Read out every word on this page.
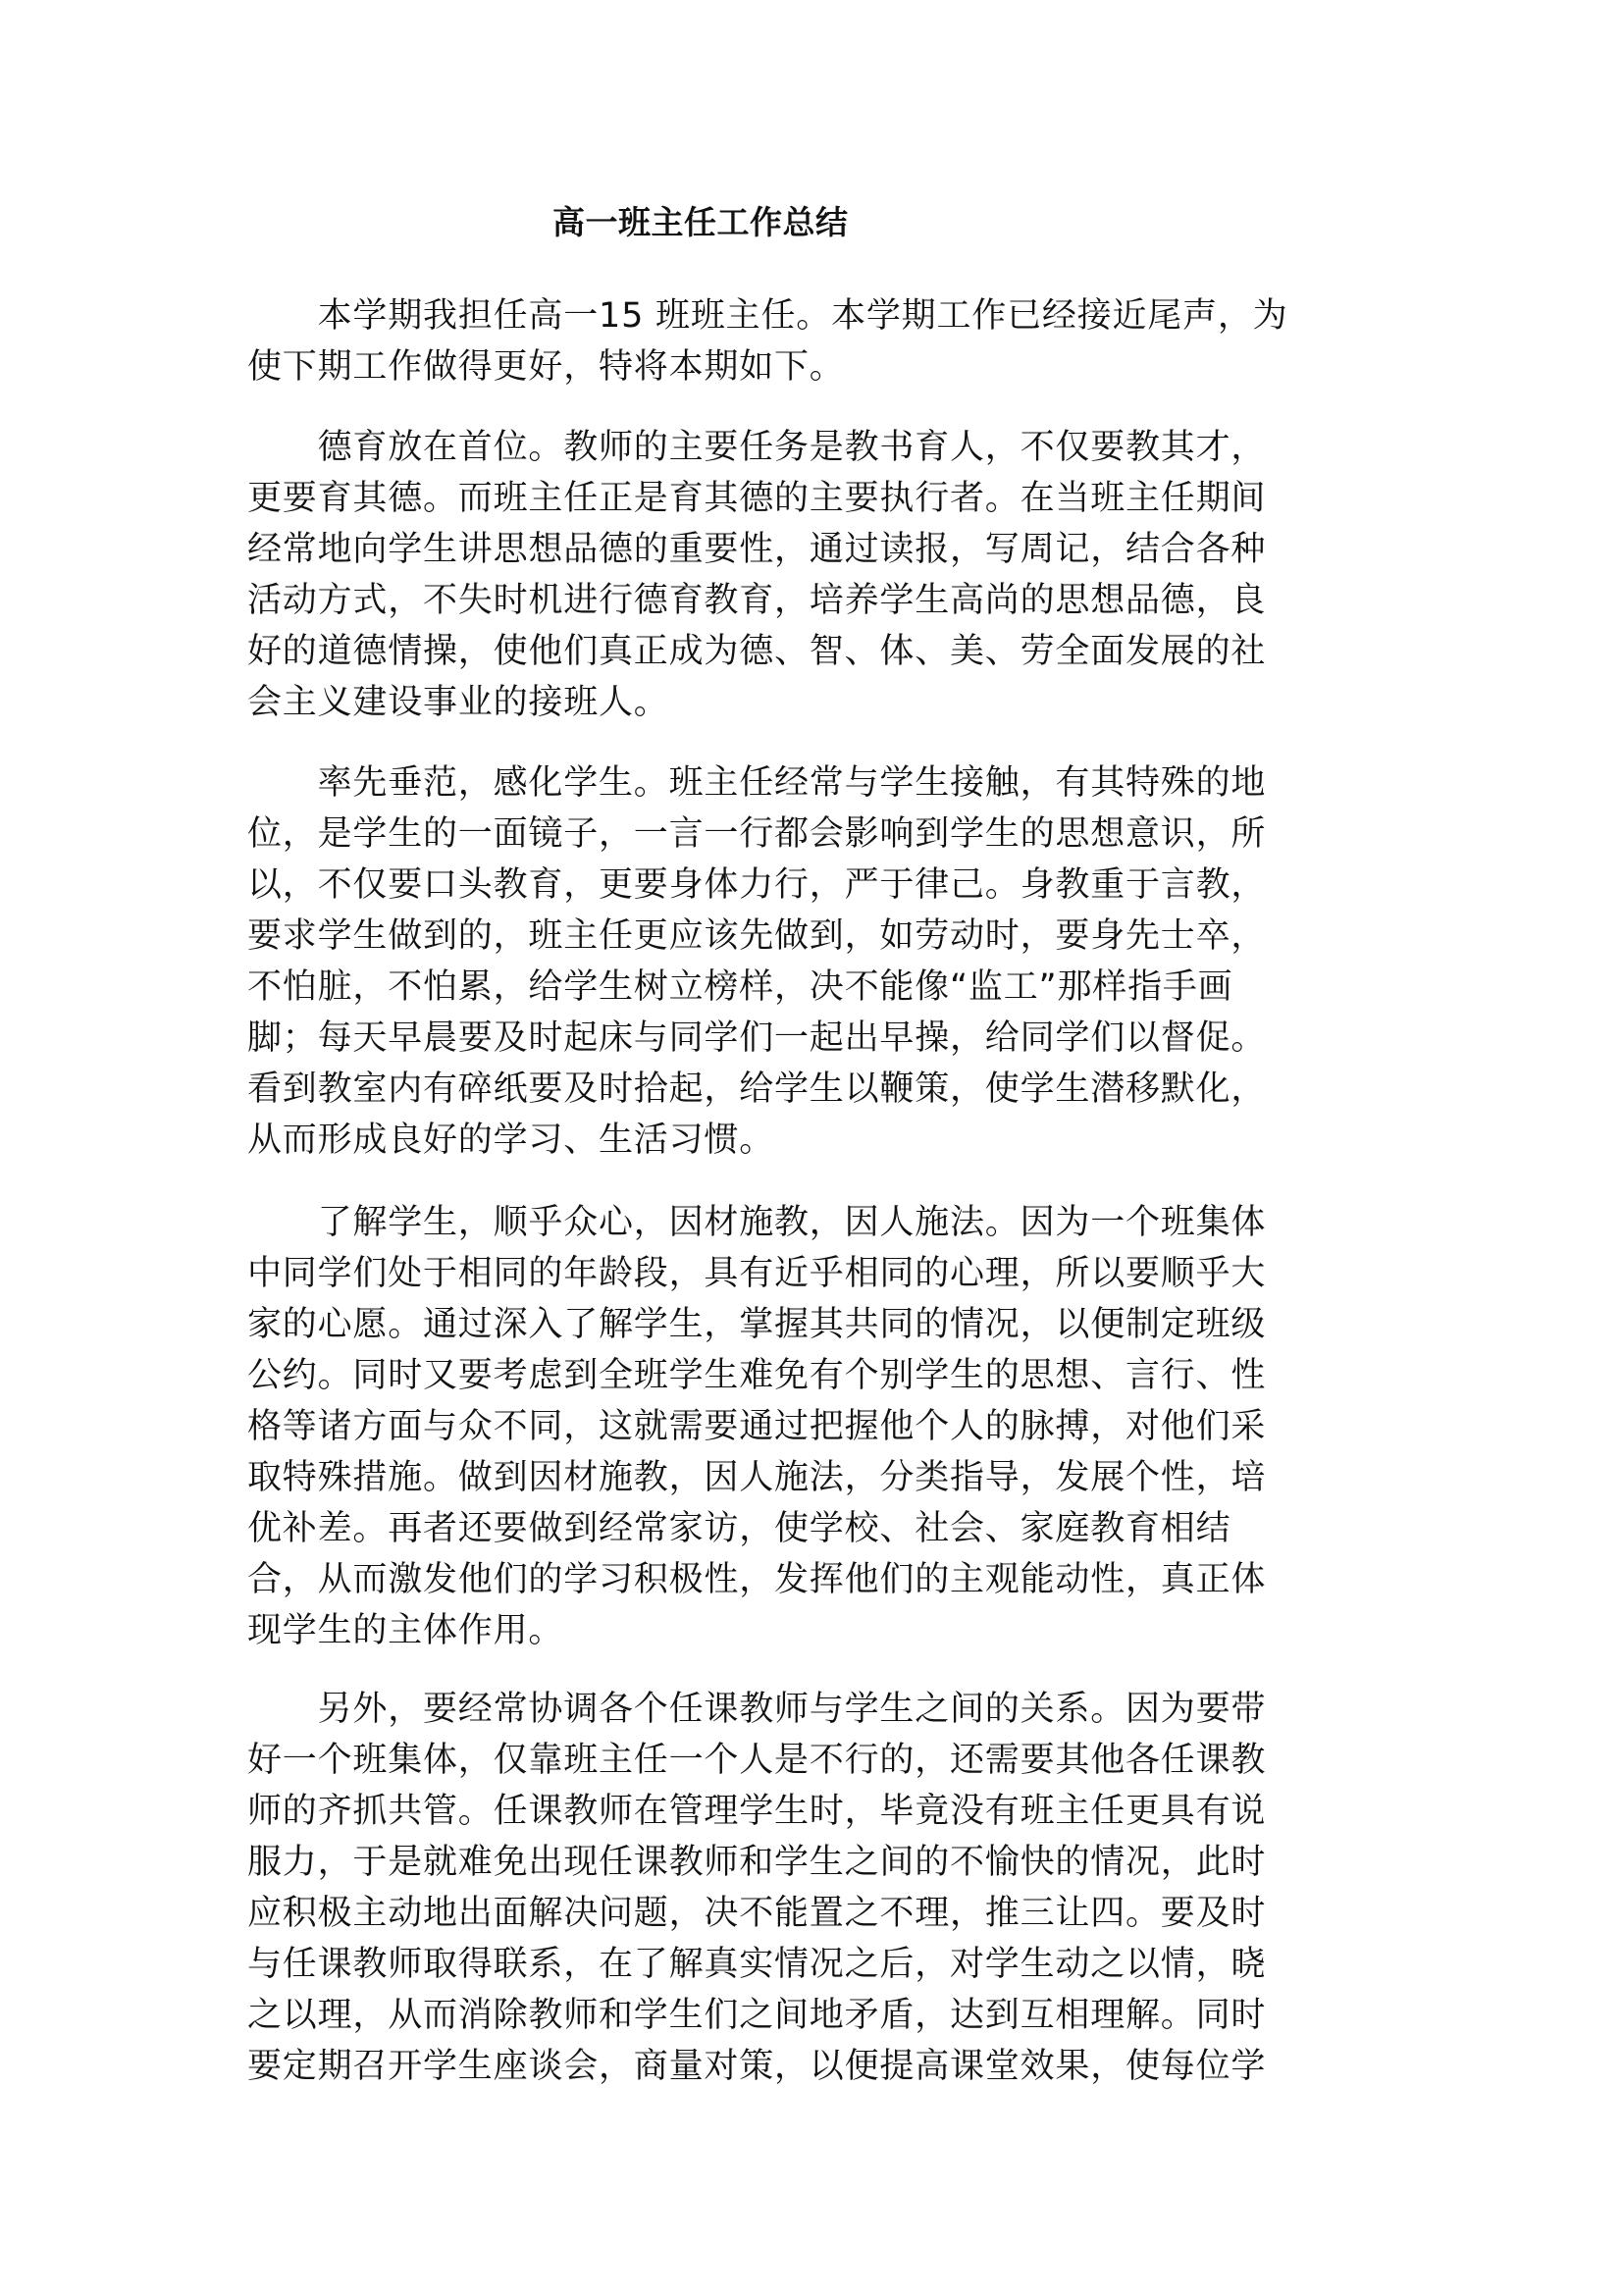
高一班主任工作总结
　　本学期我担任高一15 班班主任。本学期工作已经接近尾声，为
使下期工作做得更好，特将本期如下。
　　德育放在首位。教师的主要任务是教书育人，不仅要教其才，
更要育其德。而班主任正是育其德的主要执行者。在当班主任期间
经常地向学生讲思想品德的重要性，通过读报，写周记，结合各种
活动方式，不失时机进行德育教育，培养学生高尚的思想品德，良
好的道德情操，使他们真正成为德、智、体、美、劳全面发展的社
会主义建设事业的接班人。
　　率先垂范，感化学生。班主任经常与学生接触，有其特殊的地
位，是学生的一面镜子，一言一行都会影响到学生的思想意识，所
以，不仅要口头教育，更要身体力行，严于律己。身教重于言教，
要求学生做到的，班主任更应该先做到，如劳动时，要身先士卒，
不怕脏，不怕累，给学生树立榜样，决不能像“监工”那样指手画
脚；每天早晨要及时起床与同学们一起出早操，给同学们以督促。
看到教室内有碎纸要及时拾起，给学生以鞭策，使学生潜移默化，
从而形成良好的学习、生活习惯。
　　了解学生，顺乎众心，因材施教，因人施法。因为一个班集体
中同学们处于相同的年龄段，具有近乎相同的心理，所以要顺乎大
家的心愿。通过深入了解学生，掌握其共同的情况，以便制定班级
公约。同时又要考虑到全班学生难免有个别学生的思想、言行、性
格等诸方面与众不同，这就需要通过把握他个人的脉搏，对他们采
取特殊措施。做到因材施教，因人施法，分类指导，发展个性，培
优补差。再者还要做到经常家访，使学校、社会、家庭教育相结
合，从而激发他们的学习积极性，发挥他们的主观能动性，真正体
现学生的主体作用。
　　另外，要经常协调各个任课教师与学生之间的关系。因为要带
好一个班集体，仅靠班主任一个人是不行的，还需要其他各任课教
师的齐抓共管。任课教师在管理学生时，毕竟没有班主任更具有说
服力，于是就难免出现任课教师和学生之间的不愉快的情况，此时
应积极主动地出面解决问题，决不能置之不理，推三让四。要及时
与任课教师取得联系，在了解真实情况之后，对学生动之以情，晓
之以理，从而消除教师和学生们之间地矛盾，达到互相理解。同时
要定期召开学生座谈会，商量对策，以便提高课堂效果，使每位学
